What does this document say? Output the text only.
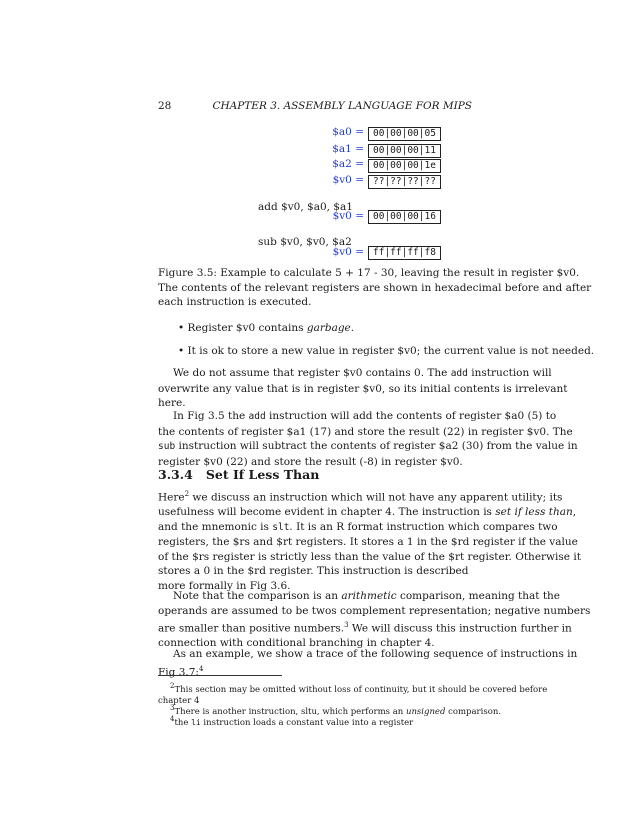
28	CHAPTER 3. ASSEMBLY LANGUAGE FOR MIPS
$a0 = 00|00|00|05
$a1 = 00|00|00|11
$a2 = 00|00|00|1e
$v0 = ??|??|??|??
add $v0, $a0, $a1
$v0 = 00|00|00|16
sub $v0, $v0, $a2
$v0 = ff|ff|ff|f8
Figure 3.5: Example to calculate 5 + 17 - 30, leaving the result in register $v0.
The contents of the relevant registers are shown in hexadecimal before and after
each instruction is executed.
• Register $v0 contains garbage.
• It is ok to store a new value in register $v0; the current value is not needed.
We do not assume that register $v0 contains 0. The add instruction will
overwrite any value that is in register $v0, so its initial contents is irrelevant
here.
In Fig 3.5 the add instruction will add the contents of register $a0 (5) to
the contents of register $a1 (17) and store the result (22) in register $v0. The
sub instruction will subtract the contents of register $a2 (30) from the value in
register $v0 (22) and store the result (-8) in register $v0.
3.3.4 Set If Less Than
Here$^2$ we discuss an instruction which will not have any apparent utility; its
usefulness will become evident in chapter 4. The instruction is set if less than,
and the mnemonic is slt. It is an R format instruction which compares two
registers, the $rs and $rt registers. It stores a 1 in the $rd register if the value
of the $rs register is strictly less than the value of the $rt register. Otherwise it
stores a 0 in the $rd register. This instruction is described
more formally in Fig 3.6.
Note that the comparison is an arithmetic comparison, meaning that the
operands are assumed to be twos complement representation; negative numbers
are smaller than positive numbers.$^3$ We will discuss this instruction further in
connection with conditional branching in chapter 4.
As an example, we show a trace of the following sequence of instructions in
Fig 3.7:$^4$
$^2$This section may be omitted without loss of continuity, but it should be covered before
chapter 4
$^3$There is another instruction, sltu, which performs an unsigned comparison.
$^4$the li instruction loads a constant value into a register
